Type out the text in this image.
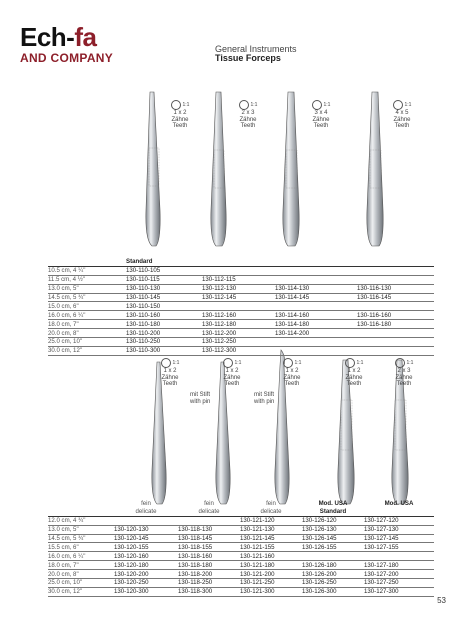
Ech-fa
AND COMPANY
General Instruments
Tissue Forceps
1:1
1 x 2
Zähne
Teeth
1:1
2 x 3
Zähne
Teeth
1:1
3 x 4
Zähne
Teeth
1:1
4 x 5
Zähne
Teeth
	Standard			
10.5 cm, 4 ¼"	130-110-105			
11.5 cm, 4 ½"	130-110-115	130-112-115		
13.0 cm, 5"	130-110-130	130-112-130	130-114-130	130-116-130
14.5 cm, 5 ¾"	130-110-145	130-112-145	130-114-145	130-116-145
15.0 cm, 6"	130-110-150			
16.0 cm, 6 ¼"	130-110-160	130-112-160	130-114-160	130-116-160
18.0 cm, 7"	130-110-180	130-112-180	130-114-180	130-116-180
20.0 cm, 8"	130-110-200	130-112-200	130-114-200	
25.0 cm, 10"	130-110-250	130-112-250		
30.0 cm, 12"	130-110-300	130-112-300		
1:1
1 x 2
Zähne
Teeth
1:1
1 x 2
Zähne
Teeth
1:1
1 x 2
Zähne
Teeth
1:1
1 x 2
Zähne
Teeth
1:1
2 x 3
Zähne
Teeth
mit Stift
with pin
mit Stift
with pin
	fein	fein	fein	Mod. USA	Mod. USA
	delicate	delicate	delicate	Standard	
12.0 cm, 4 ¾"			130-121-120	130-126-120	130-127-120
13.0 cm, 5"	130-120-130	130-118-130	130-121-130	130-126-130	130-127-130
14.5 cm, 5 ¾"	130-120-145	130-118-145	130-121-145	130-126-145	130-127-145
15.5 cm, 6"	130-120-155	130-118-155	130-121-155	130-126-155	130-127-155
16.0 cm, 6 ¼"	130-120-160	130-118-160	130-121-160		
18.0 cm, 7"	130-120-180	130-118-180	130-121-180	130-126-180	130-127-180
20.0 cm, 8"	130-120-200	130-118-200	130-121-200	130-126-200	130-127-200
25.0 cm, 10"	130-120-250	130-118-250	130-121-250	130-126-250	130-127-250
30.0 cm, 12"	130-120-300	130-118-300	130-121-300	130-126-300	130-127-300
53
